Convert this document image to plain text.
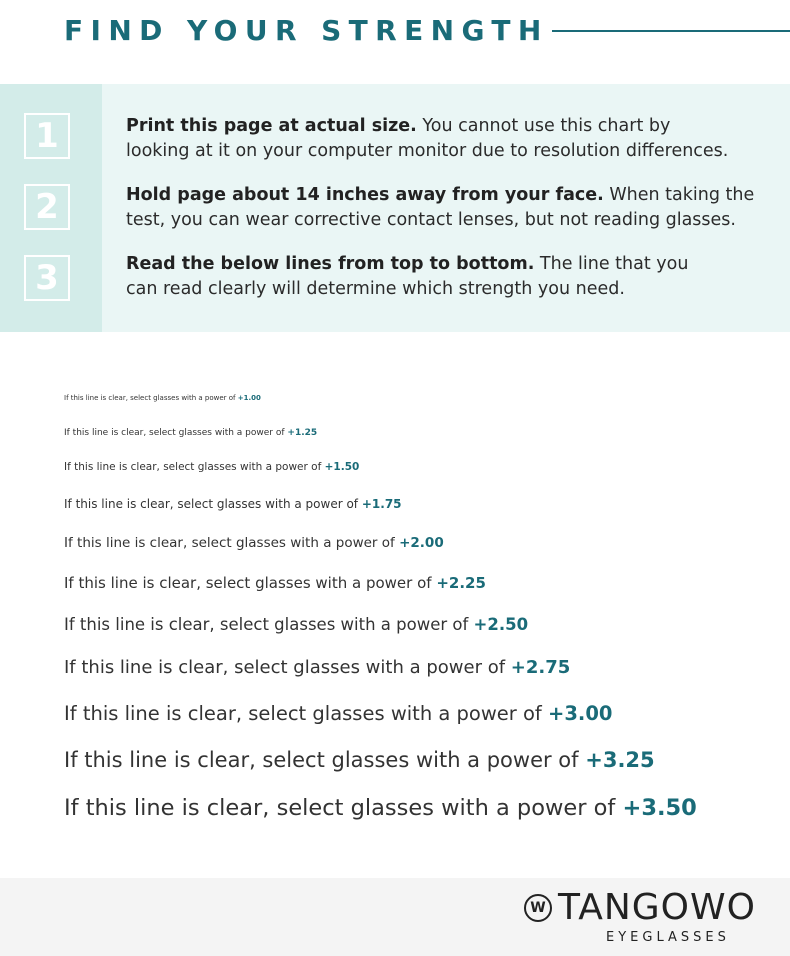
FIND YOUR STRENGTH
1	Print this page at actual size. You cannot use this chart by
looking at it on your computer monitor due to resolution differences.
2	Hold page about 14 inches away from your face. When taking the
test, you can wear corrective contact lenses, but not reading glasses.
3	Read the below lines from top to bottom. The line that you
can read clearly will determine which strength you need.
If this line is clear, select glasses with a power of +1.00
If this line is clear, select glasses with a power of +1.25
If this line is clear, select glasses with a power of +1.50
If this line is clear, select glasses with a power of +1.75
If this line is clear, select glasses with a power of +2.00
If this line is clear, select glasses with a power of +2.25
If this line is clear, select glasses with a power of +2.50
If this line is clear, select glasses with a power of +2.75
If this line is clear, select glasses with a power of +3.00
If this line is clear, select glasses with a power of +3.25
If this line is clear, select glasses with a power of +3.50
W TANGOWO
EYEGLASSES
